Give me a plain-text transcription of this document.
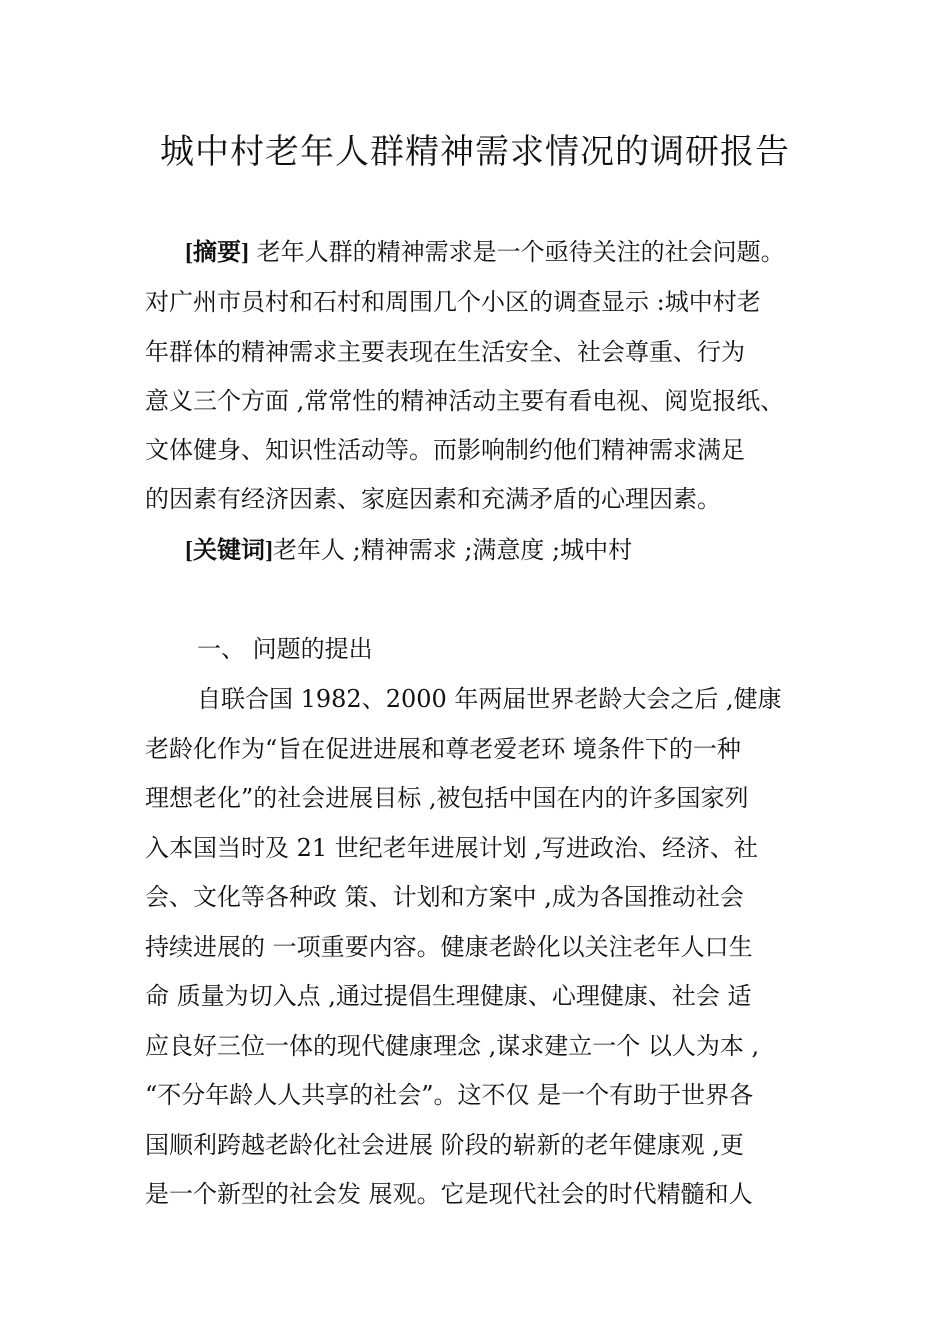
城中村老年人群精神需求情况的调研报告
[摘要] 老年人群的精神需求是一个亟待关注的社会问题。
对广州市员村和石村和周围几个小区的调查显示 :城中村老
年群体的精神需求主要表现在生活安全、社会尊重、行为
意义三个方面 ,常常性的精神活动主要有看电视、阅览报纸、
文体健身、知识性活动等。而影响制约他们精神需求满足
的因素有经济因素、家庭因素和充满矛盾的心理因素。
[关键词]老年人 ;精神需求 ;满意度 ;城中村
一、 问题的提出
自联合国 1982、2000 年两届世界老龄大会之后 ,健康
老龄化作为“旨在促进进展和尊老爱老环 境条件下的一种
理想老化”的社会进展目标 ,被包括中国在内的许多国家列
入本国当时及 21 世纪老年进展计划 ,写进政治、经济、社
会、文化等各种政 策、计划和方案中 ,成为各国推动社会
持续进展的 一项重要内容。健康老龄化以关注老年人口生
命 质量为切入点 ,通过提倡生理健康、心理健康、社会 适
应良好三位一体的现代健康理念 ,谋求建立一个 以人为本 ,
“不分年龄人人共享的社会”。这不仅 是一个有助于世界各
国顺利跨越老龄化社会进展 阶段的崭新的老年健康观 ,更
是一个新型的社会发 展观。它是现代社会的时代精髓和人
